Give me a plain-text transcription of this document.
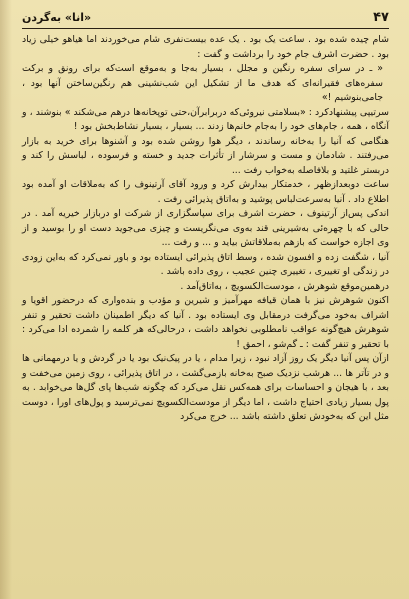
۴۷
«انا» به‌گردن

شام چیده شده بود . ساعت یک بود . یک عده بیست‌نفری شام می‌خوردند اما هیاهو خیلی زیاد بود . حضرت اشرف جام خود را برداشت و گفت :

« ـ در سرای سفره رنگین و مجلل ، بسیار به‌جا و به‌موقع است‌که برای رونق و برکت سفره‌های فقیرانه‌ای که هدف ما از تشکیل این شب‌نشینی هم رنگین‌ساختن آنها بود ، جامی‌بنوشیم !»

سرتیپی پیشنهادکرد : «بسلامتی نیروئی‌که دربرابرآن،حتی توپخانه‌ها درهم می‌شکند » بنوشند ، و آنگاه ، همه ، جام‌های خود را به‌جام خانم‌ها زدند ... بسیار ، بسیار نشاط‌بخش بود !

هنگامی که آنیا را به‌خانه رساندند ، دیگر هوا روشن شده بود و آشنوها برای خرید به بازار می‌رفتند . شادمان و مست و سرشار از تأثرات جدید و خسته و فرسوده ، لباسش را کند و دربستر غلتید و بلافاصله به‌خواب رفت ...

ساعت دوبعدازظهر ، خدمتکار بیدارش کرد و ورود آقای آرتینوف را که به‌ملاقات او آمده بود اطلاع داد . آنیا به‌سرعت‌لباس پوشید و به‌اتاق پذیرائی رفت .

اندکی پس‌از آرتینوف ، حضرت اشرف برای سپاسگزاری از شرکت او دربازار خیریه آمد . در حالی که با چهره‌ئی به‌شیرینی قند به‌وی می‌نگریست و چیزی می‌جوید دست او را بوسید و از وی اجازه خواست که بازهم به‌ملاقاتش بیاید و ... و رفت ...

آنیا ، شگفت زده و افسون شده ، وسط اتاق پذیرائی ایستاده بود و باور نمی‌کرد که به‌این زودی در زندگی او تغییری ، تغییری چنین عجیب ، روی داده باشد .

درهمین‌موقع شوهرش ، مودست‌الکسویچ ، به‌اتاق‌آمد .

اکنون شوهرش نیز با همان قیافه مهرآمیز و شیرین و مؤدب و بنده‌واری که درحضور اقویا و اشراف به‌خود می‌گرفت درمقابل وی ایستاده بود . آنیا که دیگر اطمینان داشت تحقیر و تنفر شوهرش هیچ‌گونه عواقب نامطلوبی نخواهد داشت ، درحالی‌که هر کلمه را شمرده ادا می‌کرد : با تحقیر و تنفر گفت : ـ گم‌شو ، احمق !

ازآن پس آنیا دیگر یک روز آزاد نبود ، زیرا مدام ، یا در پیک‌نیک بود یا در گردش و یا درمهمانی ها و در تآتر ها ... هرشب نزدیک صبح به‌خانه بازمی‌گشت ، در اتاق پذیرائی ، روی زمین می‌خفت و بعد ، با هیجان و احساسات برای همه‌کس نقل می‌کرد که چگونه شب‌ها پای گل‌ها می‌خوابد . به پول بسیار زیادی احتیاج داشت ، اما دیگر از مودست‌الکسویچ نمی‌ترسید و پول‌های اورا ، دوست مثل این که به‌خودش تعلق داشته باشد ... خرج می‌کرد
